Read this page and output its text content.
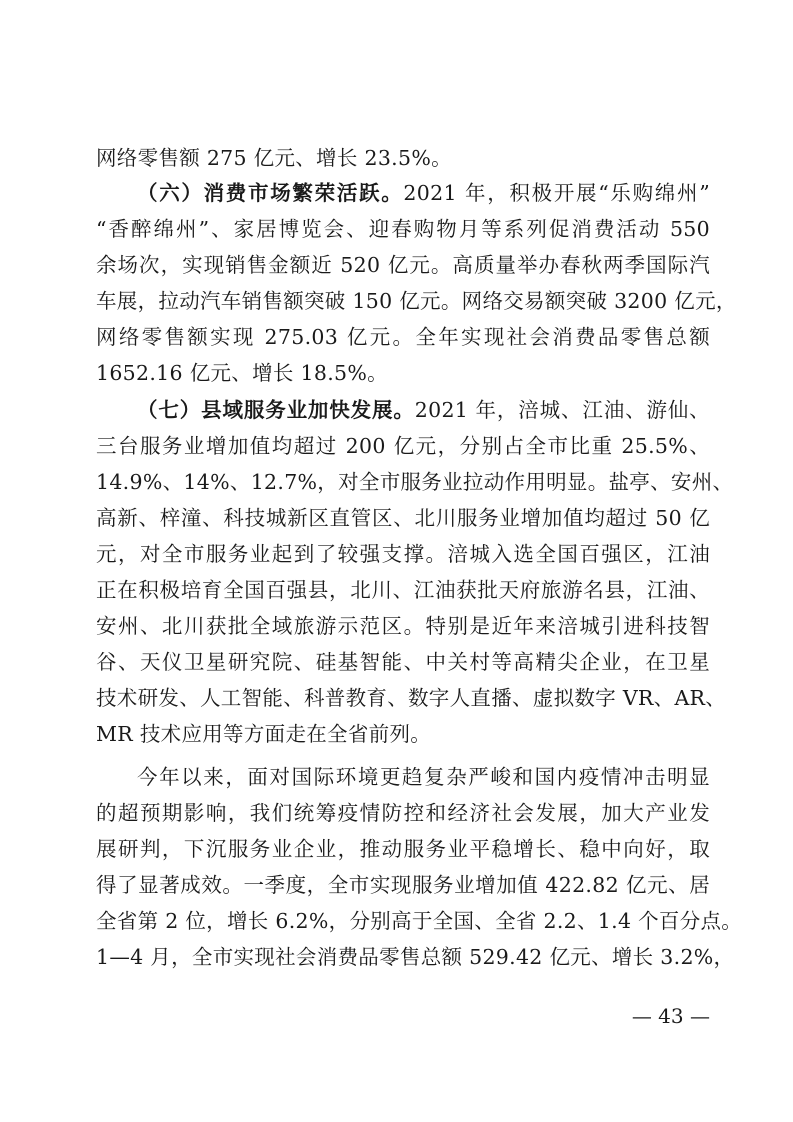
网络零售额 275 亿元、增长 23.5%。
（六）消费市场繁荣活跃。2021 年，积极开展“乐购绵州”
“香醉绵州”、家居博览会、迎春购物月等系列促消费活动 550
余场次，实现销售金额近 520 亿元。高质量举办春秋两季国际汽
车展，拉动汽车销售额突破 150 亿元。网络交易额突破 3200 亿元，
网络零售额实现 275.03 亿元。全年实现社会消费品零售总额
1652.16 亿元、增长 18.5%。
（七）县域服务业加快发展。2021 年，涪城、江油、游仙、
三台服务业增加值均超过 200 亿元，分别占全市比重 25.5%、
14.9%、14%、12.7%，对全市服务业拉动作用明显。盐亭、安州、
高新、梓潼、科技城新区直管区、北川服务业增加值均超过 50 亿
元，对全市服务业起到了较强支撑。涪城入选全国百强区，江油
正在积极培育全国百强县，北川、江油获批天府旅游名县，江油、
安州、北川获批全域旅游示范区。特别是近年来涪城引进科技智
谷、天仪卫星研究院、硅基智能、中关村等高精尖企业，在卫星
技术研发、人工智能、科普教育、数字人直播、虚拟数字 VR、AR、
MR 技术应用等方面走在全省前列。
今年以来，面对国际环境更趋复杂严峻和国内疫情冲击明显
的超预期影响，我们统筹疫情防控和经济社会发展，加大产业发
展研判，下沉服务业企业，推动服务业平稳增长、稳中向好，取
得了显著成效。一季度，全市实现服务业增加值 422.82 亿元、居
全省第 2 位，增长 6.2%，分别高于全国、全省 2.2、1.4 个百分点。
1—4 月，全市实现社会消费品零售总额 529.42 亿元、增长 3.2%，
— 43 —
